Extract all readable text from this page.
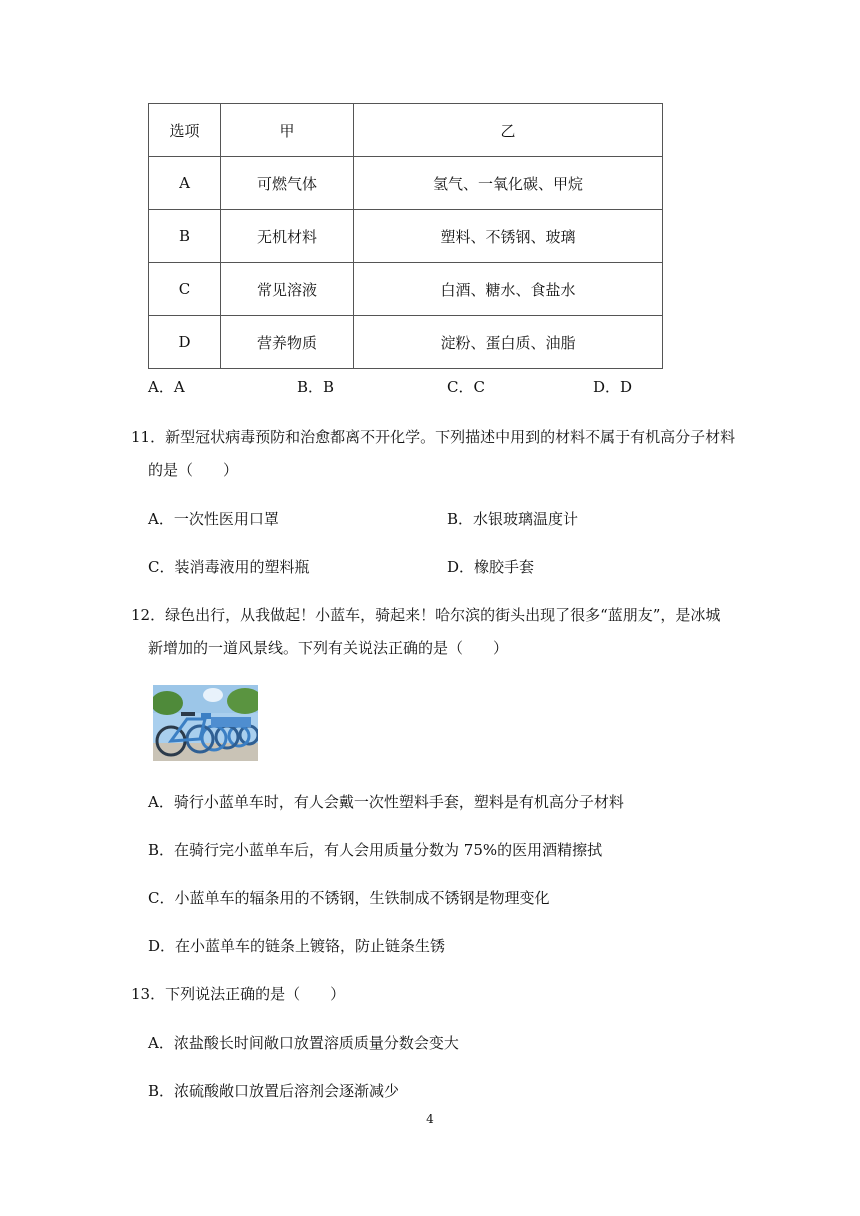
选项	甲	乙
A	可燃气体	氢气、一氧化碳、甲烷
B	无机材料	塑料、不锈钢、玻璃
C	常见溶液	白酒、糖水、食盐水
D	营养物质	淀粉、蛋白质、油脂
A．A	B．B	C．C	D．D
11．新型冠状病毒预防和治愈都离不开化学。下列描述中用到的材料不属于有机高分子材料
的是（　　）
A．一次性医用口罩	B．水银玻璃温度计
C．装消毒液用的塑料瓶	D．橡胶手套
12．绿色出行，从我做起！小蓝车，骑起来！哈尔滨的街头出现了很多“蓝朋友”，是冰城
新增加的一道风景线。下列有关说法正确的是（　　）
A．骑行小蓝单车时，有人会戴一次性塑料手套，塑料是有机高分子材料
B．在骑行完小蓝单车后，有人会用质量分数为 75%的医用酒精擦拭
C．小蓝单车的辐条用的不锈钢，生铁制成不锈钢是物理变化
D．在小蓝单车的链条上镀铬，防止链条生锈
13．下列说法正确的是（　　）
A．浓盐酸长时间敞口放置溶质质量分数会变大
B．浓硫酸敞口放置后溶剂会逐渐减少
4
